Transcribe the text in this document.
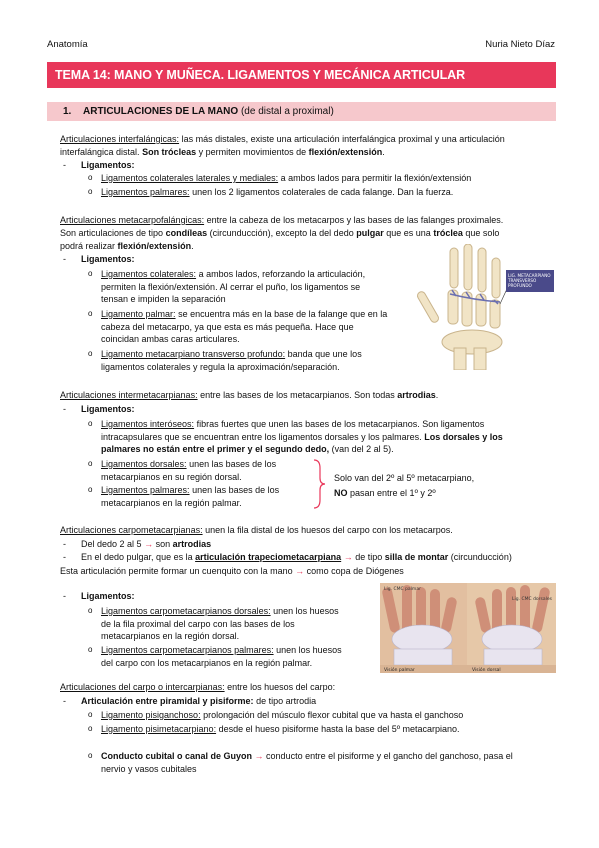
Anatomía	Nuria Nieto Díaz
TEMA 14: MANO Y MUÑECA. LIGAMENTOS Y MECÁNICA ARTICULAR
1. ARTICULACIONES DE LA MANO (de distal a proximal)
Articulaciones interfalángicas: las más distales, existe una articulación interfalángica proximal y una articulación
interfalángica distal. Son trócleas y permiten movimientos de flexión/extensión.
- Ligamentos:
o Ligamentos colaterales laterales y mediales: a ambos lados para permitir la flexión/extensión
o Ligamentos palmares: unen los 2 ligamentos colaterales de cada falange. Dan la fuerza.
Articulaciones metacarpofalángicas: entre la cabeza de los metacarpos y las bases de las falanges proximales.
Son articulaciones de tipo condíleas (circunducción), excepto la del dedo pulgar que es una tróclea que solo
podrá realizar flexión/extensión.
- Ligamentos:
o Ligamentos colaterales: a ambos lados, reforzando la articulación,
permiten la flexión/extensión. Al cerrar el puño, los ligamentos se
tensan e impiden la separación
o Ligamento palmar: se encuentra más en la base de la falange que en la
cabeza del metacarpo, ya que esta es más pequeña. Hace que
coincidan ambas caras articulares.
o Ligamento metacarpiano transverso profundo: banda que une los
ligamentos colaterales y regula la aproximación/separación.
LIG. METACARPIANO TRANSVERSO PROFUNDO
Articulaciones intermetacarpianas: entre las bases de los metacarpianos. Son todas artrodias.
- Ligamentos:
o Ligamentos interóseos: fibras fuertes que unen las bases de los metacarpianos. Son ligamentos
intracapsulares que se encuentran entre los ligamentos dorsales y los palmares. Los dorsales y los
palmares no están entre el primer y el segundo dedo, (van del 2 al 5).
o Ligamentos dorsales: unen las bases de los
metacarpianos en su región dorsal.
o Ligamentos palmares: unen las bases de los
metacarpianos en la región palmar.
Solo van del 2º al 5º metacarpiano,
NO pasan entre el 1º y 2º
Articulaciones carpometacarpianas: unen la fila distal de los huesos del carpo con los metacarpos.
- Del dedo 2 al 5 → son artrodias
- En el dedo pulgar, que es la articulación trapeciometacarpiana → de tipo silla de montar (circunducción)
Esta articulación permite formar un cuenquito con la mano → como copa de Diógenes
- Ligamentos:
o Ligamentos carpometacarpianos dorsales: unen los huesos
de la fila proximal del carpo con las bases de los
metacarpianos en la región dorsal.
o Ligamentos carpometacarpianos palmares: unen los huesos
del carpo con los metacarpianos en la región palmar.
Lig. CMC palmar
Lig. CMC dorsales
Visión palmar	Visión dorsal
Articulaciones del carpo o intercarpianas: entre los huesos del carpo:
- Articulación entre piramidal y pisiforme: de tipo artrodia
o Ligamento pisiganchoso: prolongación del músculo flexor cubital que va hasta el ganchoso
o Ligamento pisimetacarpiano: desde el hueso pisiforme hasta la base del 5º metacarpiano.
o Conducto cubital o canal de Guyon → conducto entre el pisiforme y el gancho del ganchoso, pasa el
nervio y vasos cubitales
